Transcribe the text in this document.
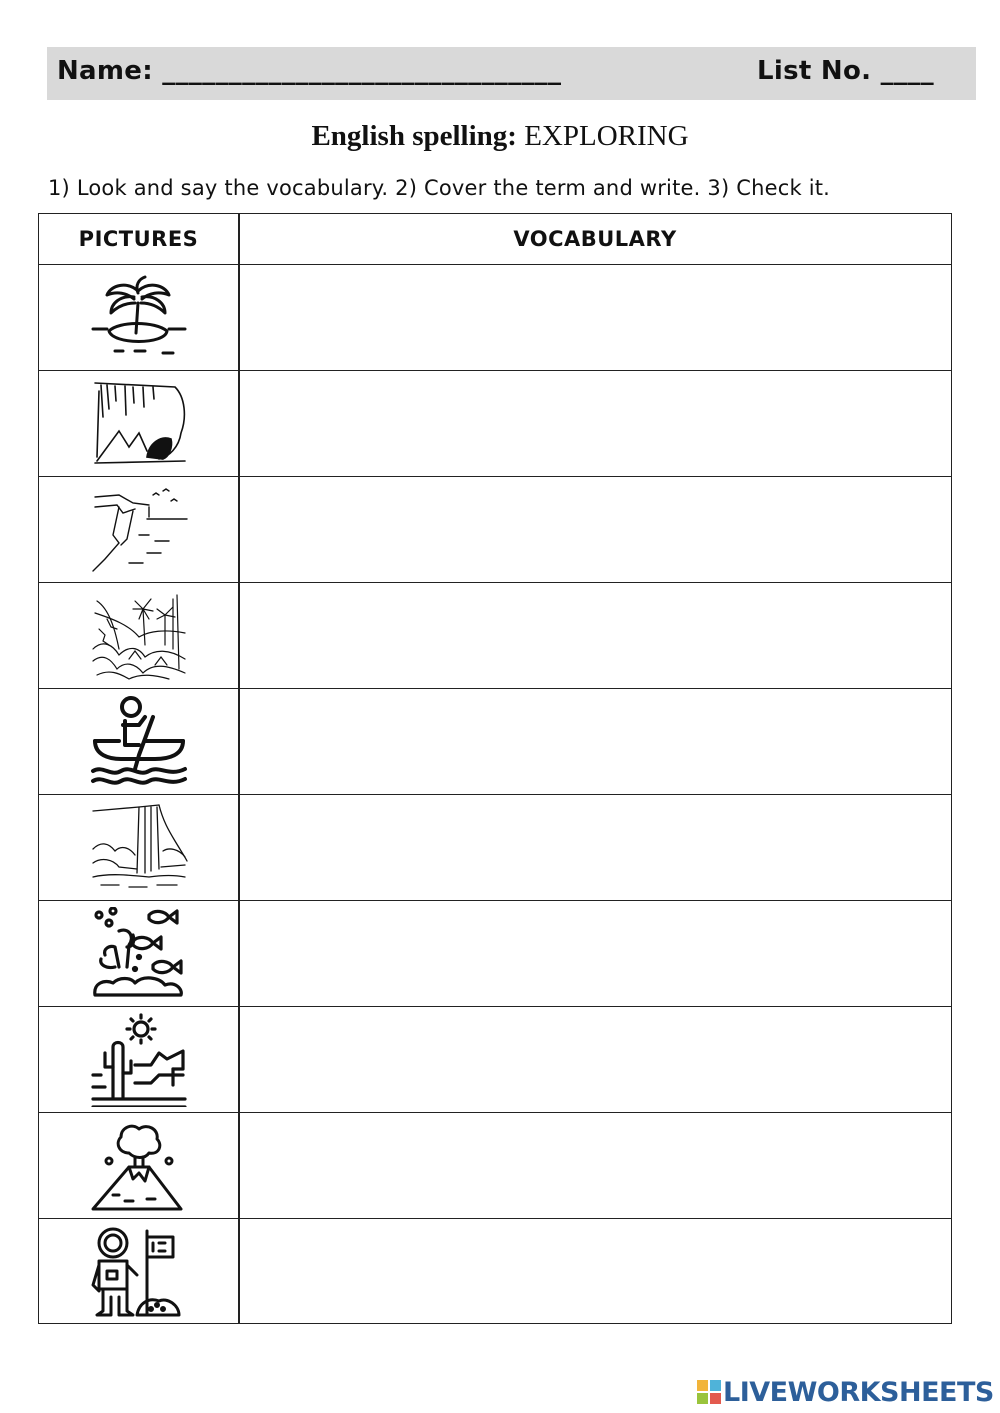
Name: ______________________________	List No. ____
English spelling: EXPLORING
1) Look and say the vocabulary. 2) Cover the term and write. 3) Check it.
PICTURES	VOCABULARY
LIVEWORKSHEETS
